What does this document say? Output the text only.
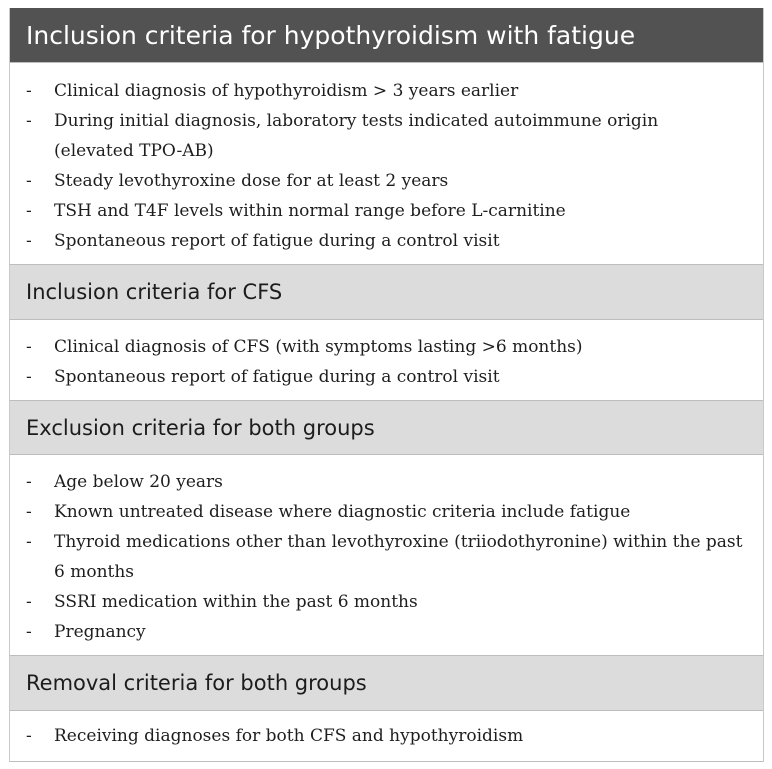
Inclusion criteria for hypothyroidism with fatigue
-	Clinical diagnosis of hypothyroidism > 3 years earlier
-	During initial diagnosis, laboratory tests indicated autoimmune origin (elevated TPO-AB)
-	Steady levothyroxine dose for at least 2 years
-	TSH and T4F levels within normal range before L-carnitine
-	Spontaneous report of fatigue during a control visit
Inclusion criteria for CFS
-	Clinical diagnosis of CFS (with symptoms lasting >6 months)
-	Spontaneous report of fatigue during a control visit
Exclusion criteria for both groups
-	Age below 20 years
-	Known untreated disease where diagnostic criteria include fatigue
-	Thyroid medications other than levothyroxine (triiodothyronine) within the past 6 months
-	SSRI medication within the past 6 months
-	Pregnancy
Removal criteria for both groups
-	Receiving diagnoses for both CFS and hypothyroidism
